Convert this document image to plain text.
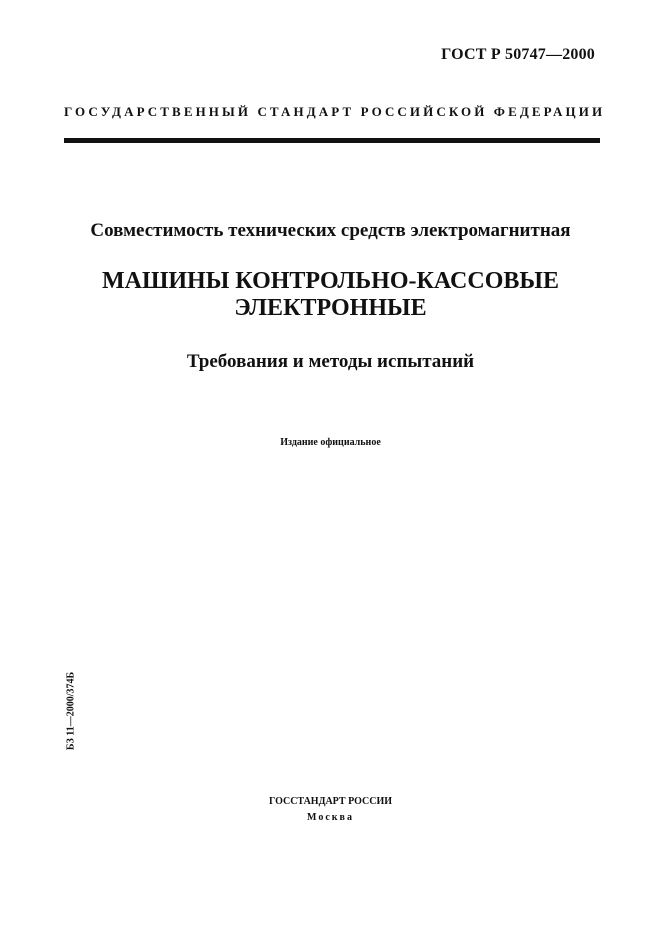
ГОСТ Р 50747—2000
ГОСУДАРСТВЕННЫЙ СТАНДАРТ РОССИЙСКОЙ ФЕДЕРАЦИИ
Совместимость технических средств электромагнитная
МАШИНЫ КОНТРОЛЬНО-КАССОВЫЕ
ЭЛЕКТРОННЫЕ
Требования и методы испытаний
Издание официальное
БЗ 11—2000/374Б
ГОССТАНДАРТ РОССИИ
Москва
